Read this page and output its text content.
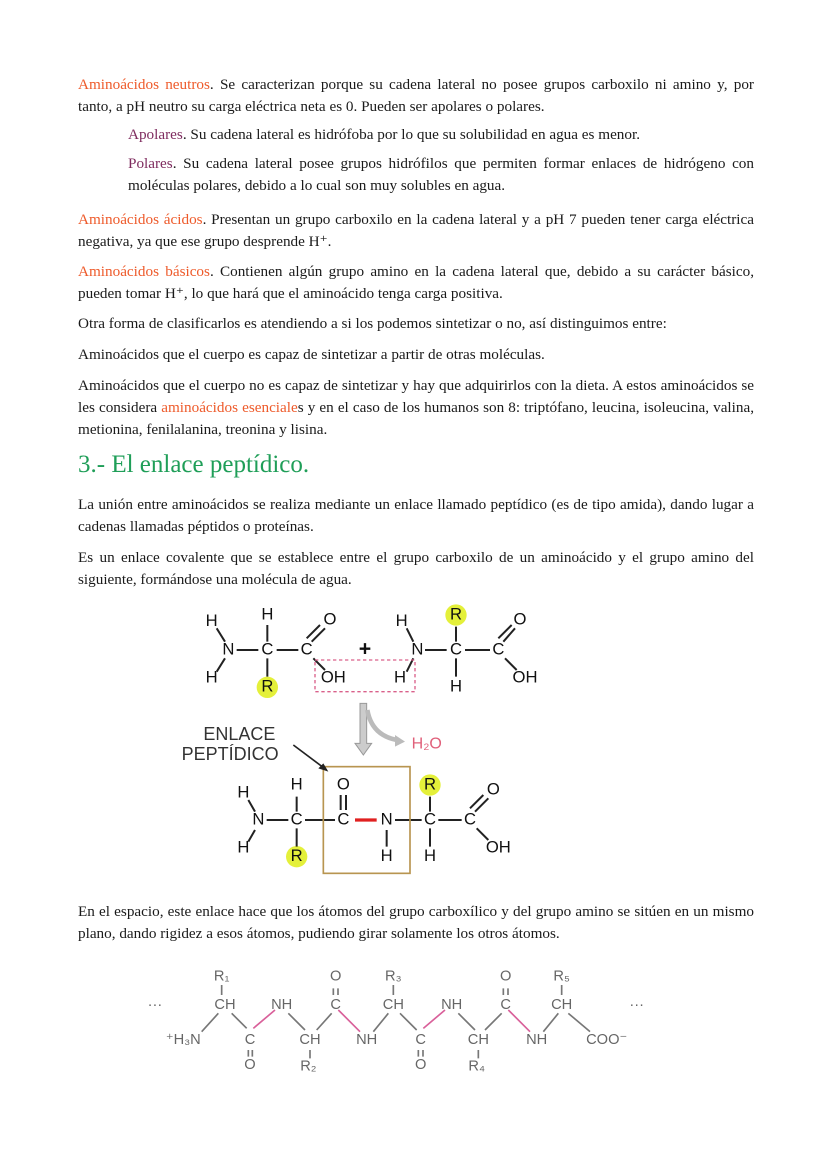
Aminoácidos neutros. Se caracterizan porque su cadena lateral no posee grupos carboxilo ni amino y, por tanto, a pH neutro su carga eléctrica neta es 0. Pueden ser apolares o polares.

Apolares. Su cadena lateral es hidrófoba por lo que su solubilidad en agua es menor.

Polares. Su cadena lateral posee grupos hidrófilos que permiten formar enlaces de hidrógeno con moléculas polares, debido a lo cual son muy solubles en agua.

Aminoácidos ácidos. Presentan un grupo carboxilo en la cadena lateral y a pH 7 pueden tener carga eléctrica negativa, ya que ese grupo desprende H⁺.

Aminoácidos básicos. Contienen algún grupo amino en la cadena lateral que, debido a su carácter básico, pueden tomar H⁺, lo que hará que el aminoácido tenga carga positiva.

Otra forma de clasificarlos es atendiendo a si los podemos sintetizar o no, así distinguimos entre:

Aminoácidos que el cuerpo es capaz de sintetizar a partir de otras moléculas.

Aminoácidos que el cuerpo no es capaz de sintetizar y hay que adquirirlos con la dieta. A estos aminoácidos se les considera aminoácidos esenciales y en el caso de los humanos son 8: triptófano, leucina, isoleucina, valina, metionina, fenilalanina, treonina y lisina.

3.- El enlace peptídico.

La unión entre aminoácidos se realiza mediante un enlace llamado peptídico (es de tipo amida), dando lugar a cadenas llamadas péptidos o proteínas.

Es un enlace covalente que se establece entre el grupo carboxilo de un aminoácido y el grupo amino del siguiente, formándose una molécula de agua.

H
N
H
H
C
R
C
O
OH
+
H
N
H
R
C
H
C
O
OH
H
N
H
H
C
R
O
C N
H
R
C
H
C
O
OH
ENLACE
PEPTÍDICO
H₂O

En el espacio, este enlace hace que los átomos del grupo carboxílico y del grupo amino se sitúen en un mismo plano, dando rigidez a esos átomos, pudiendo girar solamente los otros átomos.

···	···
R₁
CH
⁺H₃N C
O
NH
CH
R₂
C
O
NH
CH
R₃
C
O
NH
CH
R₄
C
O
NH
CH
R₅
COO⁻
